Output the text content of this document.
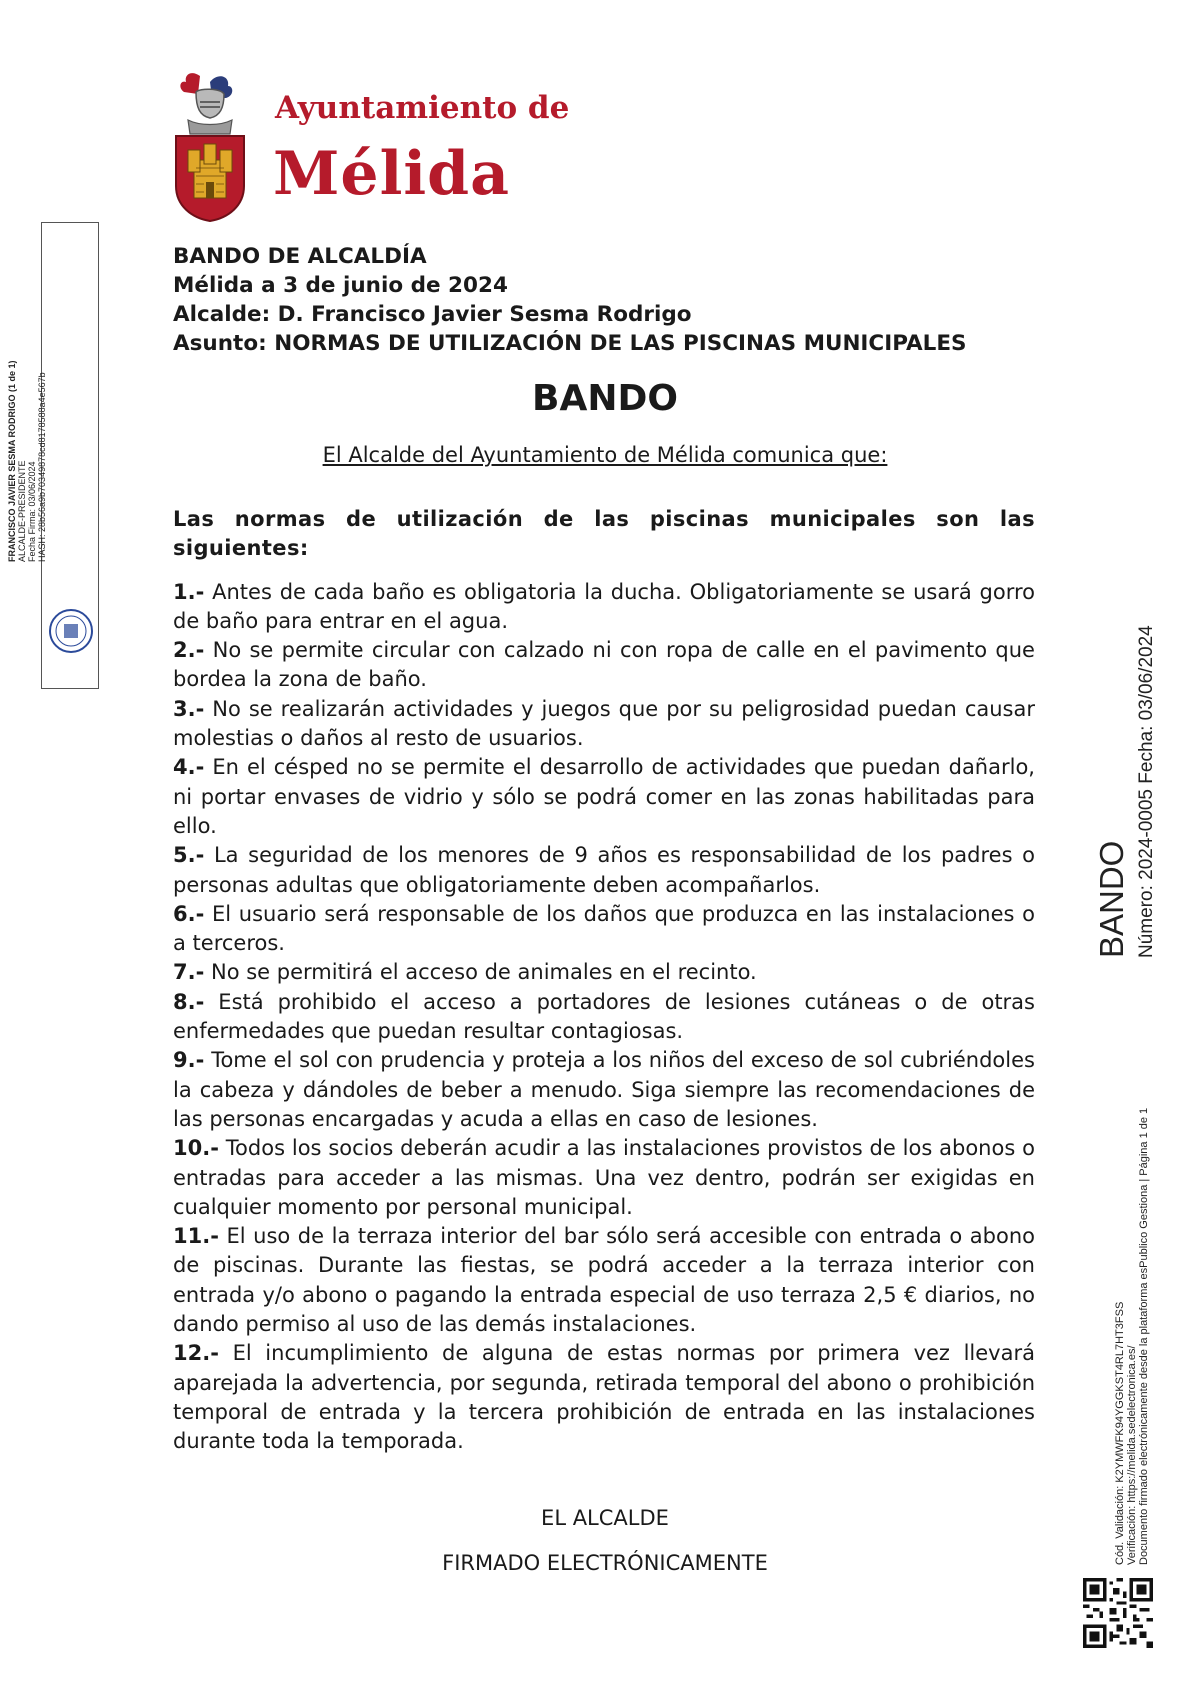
Ayuntamiento de
Mélida
FRANCISCO JAVIER SESMA RODRIGO (1 de 1) ALCALDE-PRESIDENTE Fecha Firma: 03/06/2024 HASH: 28b56a9b70349878cd8178588a4e567b
BANDO DE ALCALDÍA
Mélida a 3 de junio de 2024
Alcalde: D. Francisco Javier Sesma Rodrigo
Asunto: NORMAS DE UTILIZACIÓN DE LAS PISCINAS MUNICIPALES
BANDO
El Alcalde del Ayuntamiento de Mélida comunica que:
Las normas de utilización de las piscinas municipales son las siguientes:
1.- Antes de cada baño es obligatoria la ducha. Obligatoriamente se usará gorro de baño para entrar en el agua.
2.- No se permite circular con calzado ni con ropa de calle en el pavimento que bordea la zona de baño.
3.- No se realizarán actividades y juegos que por su peligrosidad puedan causar molestias o daños al resto de usuarios.
4.- En el césped no se permite el desarrollo de actividades que puedan dañarlo, ni portar envases de vidrio y sólo se podrá comer en las zonas habilitadas para ello.
5.- La seguridad de los menores de 9 años es responsabilidad de los padres o personas adultas que obligatoriamente deben acompañarlos.
6.- El usuario será responsable de los daños que produzca en las instalaciones o a terceros.
7.- No se permitirá el acceso de animales en el recinto.
8.- Está prohibido el acceso a portadores de lesiones cutáneas o de otras enfermedades que puedan resultar contagiosas.
9.- Tome el sol con prudencia y proteja a los niños del exceso de sol cubriéndoles la cabeza y dándoles de beber a menudo. Siga siempre las recomendaciones de las personas encargadas y acuda a ellas en caso de lesiones.
10.- Todos los socios deberán acudir a las instalaciones provistos de los abonos o entradas para acceder a las mismas. Una vez dentro, podrán ser exigidas en cualquier momento por personal municipal.
11.- El uso de la terraza interior del bar sólo será accesible con entrada o abono de piscinas. Durante las fiestas, se podrá acceder a la terraza interior con entrada y/o abono o pagando la entrada especial de uso terraza 2,5 € diarios, no dando permiso al uso de las demás instalaciones.
12.- El incumplimiento de alguna de estas normas por primera vez llevará aparejada la advertencia, por segunda, retirada temporal del abono o prohibición temporal de entrada y la tercera prohibición de entrada en las instalaciones durante toda la temporada.
EL ALCALDE
FIRMADO ELECTRÓNICAMENTE
BANDO Número: 2024-0005 Fecha: 03/06/2024
Cód. Validación: K2YMWFK94YGGKST4RL7HT3FSS Verificación: https://melida.sedelectronica.es/ Documento firmado electrónicamente desde la plataforma esPublico Gestiona | Página 1 de 1
